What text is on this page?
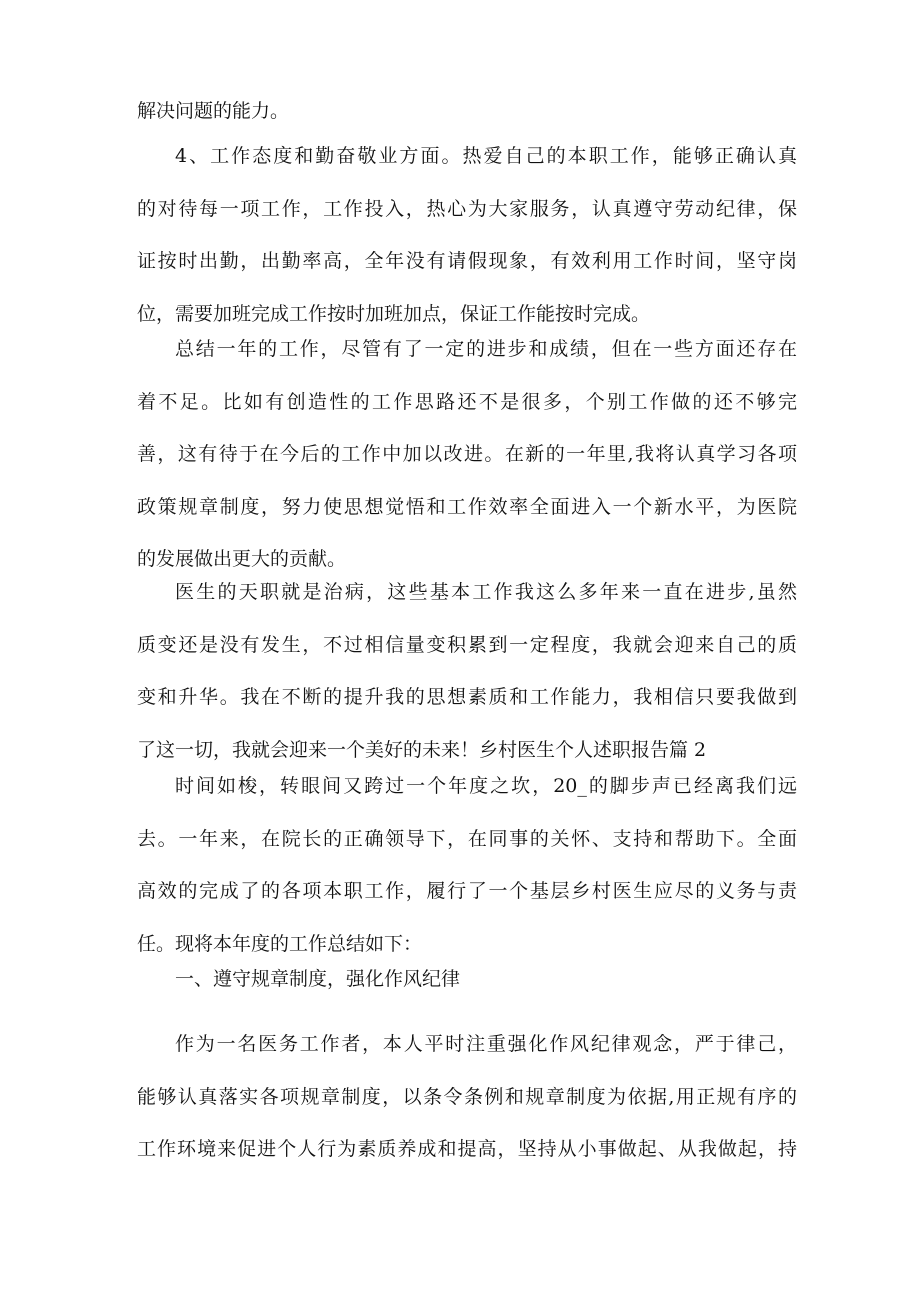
解决问题的能力。

4、工作态度和勤奋敬业方面。热爱自己的本职工作，能够正确认真
的对待每一项工作，工作投入，热心为大家服务，认真遵守劳动纪律，保
证按时出勤，出勤率高，全年没有请假现象，有效利用工作时间，坚守岗
位，需要加班完成工作按时加班加点，保证工作能按时完成。

总结一年的工作，尽管有了一定的进步和成绩，但在一些方面还存在
着不足。比如有创造性的工作思路还不是很多，个别工作做的还不够完
善，这有待于在今后的工作中加以改进。在新的一年里,我将认真学习各项
政策规章制度，努力使思想觉悟和工作效率全面进入一个新水平，为医院
的发展做出更大的贡献。

医生的天职就是治病，这些基本工作我这么多年来一直在进步,虽然
质变还是没有发生，不过相信量变积累到一定程度，我就会迎来自己的质
变和升华。我在不断的提升我的思想素质和工作能力，我相信只要我做到
了这一切，我就会迎来一个美好的未来！乡村医生个人述职报告篇 2

时间如梭，转眼间又跨过一个年度之坎，20_的脚步声已经离我们远
去。一年来，在院长的正确领导下，在同事的关怀、支持和帮助下。全面
高效的完成了的各项本职工作，履行了一个基层乡村医生应尽的义务与责
任。现将本年度的工作总结如下：

一、遵守规章制度，强化作风纪律

作为一名医务工作者，本人平时注重强化作风纪律观念，严于律己，
能够认真落实各项规章制度，以条令条例和规章制度为依据,用正规有序的
工作环境来促进个人行为素质养成和提高，坚持从小事做起、从我做起，持
